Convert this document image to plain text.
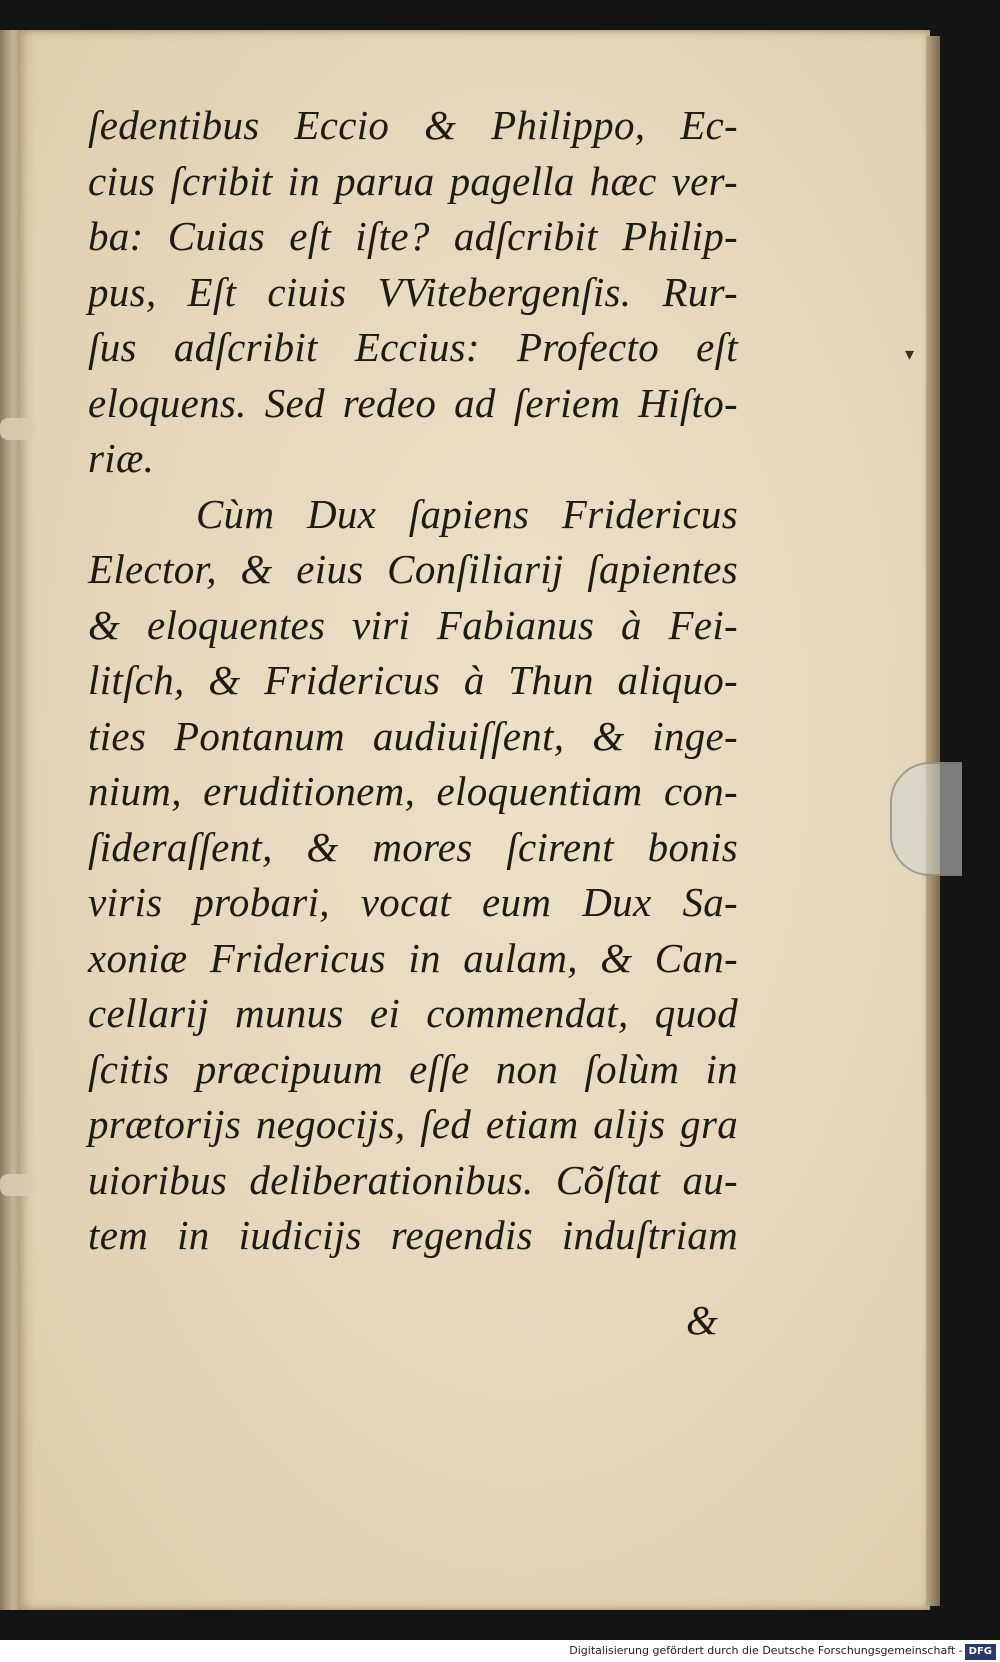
▾
ſedentibus Eccio & Philippo, Ec-
cius ſcribit in parua pagella hæc ver-
ba: Cuias eſt iſte? adſcribit Philip-
pus, Eſt ciuis VVitebergenſis. Rur-
ſus adſcribit Eccius: Profecto eſt
eloquens. Sed redeo ad ſeriem Hiſto-
riæ.
Cùm Dux ſapiens Fridericus
Elector, & eius Conſiliarij ſapientes
& eloquentes viri Fabianus à Fei-
litſch, & Fridericus à Thun aliquo-
ties Pontanum audiuiſſent, & inge-
nium, eruditionem, eloquentiam con-
ſideraſſent, & mores ſcirent bonis
viris probari, vocat eum Dux Sa-
xoniæ Fridericus in aulam, & Can-
cellarij munus ei commendat, quod
ſcitis præcipuum eſſe non ſolùm in
prætorijs negocijs, ſed etiam alijs gra
uioribus deliberationibus. Cõſtat au-
tem in iudicijs regendis induſtriam
&
Digitalisierung gefördert durch die Deutsche Forschungsgemeinschaft - DFG
